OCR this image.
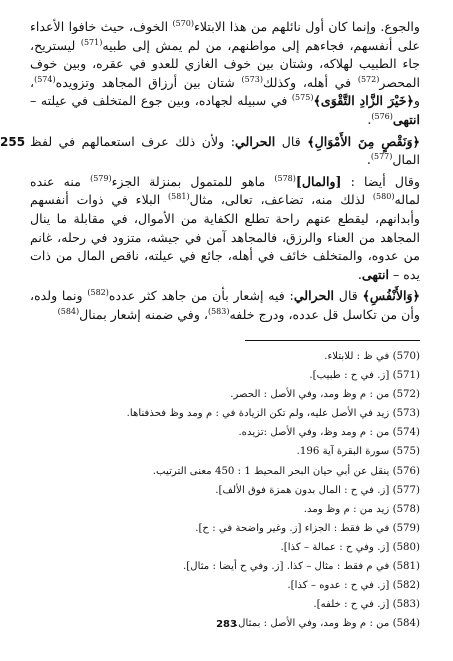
والجوع. وإنما كان أول نائلهم من هذا الابتلاء$^{(570)}$ الخوف، حيث خافوا الأعداء على أنفسهم، فجاءهم إلى مواطنهم، من لم يمش إلى طبيه$^{(571)}$ ليستريح، جاء الطبيب لهلاكه، وشتان بين خوف الغازي للعدو في عقره، وبين خوف المحصر$^{(572)}$ في أهله، وكذلك$^{(573)}$ شتان بين أرزاق المجاهد وتزويده$^{(574)}$، و﴿خَيْرَ الزَّادِ التَّقْوَى﴾$^{(575)}$ في سبيله لجهاده، وبين جوع المتخلف في عيلته – انتهى$^{(576)}$.

255	﴿وَنَقْصٍ مِنَ الأَمْوَالِ﴾ قال الحرالي: ولأن ذلك عرف استعمالهم في لفظ المال$^{(577)}$.

وقال أيضا : [والمال]$^{(578)}$ ماهو للمتمول بمنزلة الجزء$^{(579)}$ منه عنده لماله$^{(580)}$ لذلك منه، تضاعف، تعالى، مثال$^{(581)}$ البلاء في ذوات أنفسهم وأبدانهم، ليقطع عنهم راحة تطلع الكفاية من الأموال، في مقابلة ما ينال المجاهد من العناء والرزق، فالمجاهد آمن في جيشه، متزود في رحله، غانم من عدوه، والمتخلف خائف في أهله، جائع في عيلته، ناقص المال من ذات يده – انتهى.

﴿وَالأَنْفُسِ﴾ قال الحرالي: فيه إشعار بأن من جاهد كثر عدده$^{(582)}$ ونما ولده، وأن من تكاسل قل عدده، ودرج خلفه$^{(583)}$، وفي ضمنه إشعار بمنال$^{(584)}$

(570) في ظ : للابتلاء.
(571) [ز. في ح : طبيب].
(572) من : م وظ ومد، وفي الأصل : الحصر.
(573) زيد في الأصل عليه، ولم تكن الزيادة في : م ومد وظ فحذفناها.
(574) من : م ومد وظ، وفي الأصل :تزيده.
(575) سورة البقرة آية 196.
(576) ينقل عن أبي حيان البحر المحيط 1 : 450 معنى الترتيب.
(577) [ز. في ح : المال بدون همزة فوق الألف].
(578) زيد من : م وظ ومد.
(579) في ظ فقط : الجزاء [ز. وغير واضحة في : ح].
(580) [ز. وفي ح : عمالة – كذا].
(581) في م فقط : مثال – كذا. [ز. وفي ح أيضا : مثال].
(582) [ز. في ح : عدوه – كذا].
(583) [ز. في ح : خلفه].
(584) من : م وظ ومد، وفي الأصل : بمثال.
283
